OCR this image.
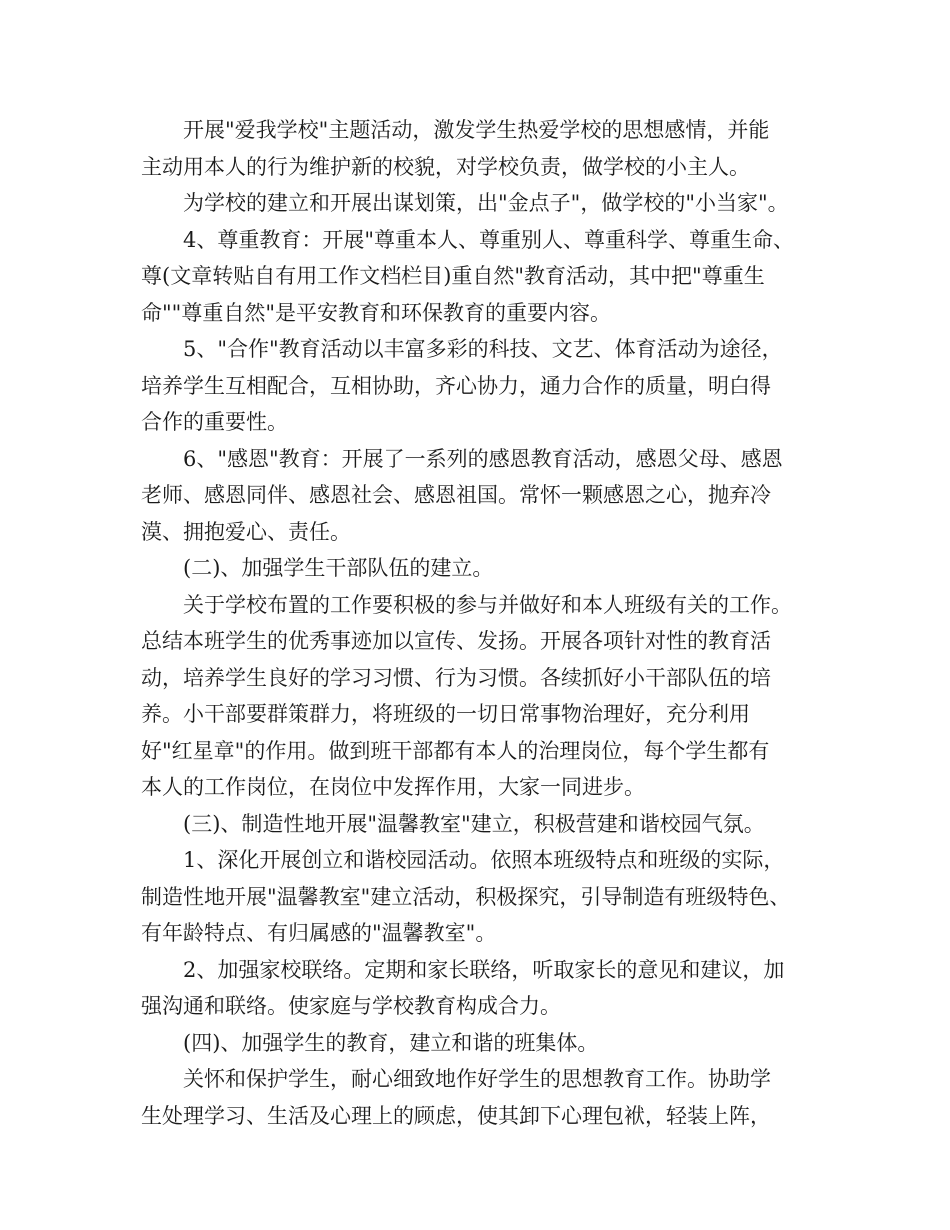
开展"爱我学校"主题活动，激发学生热爱学校的思想感情，并能
主动用本人的行为维护新的校貌，对学校负责，做学校的小主人。

为学校的建立和开展出谋划策，出"金点子"，做学校的"小当家"。

4、尊重教育：开展"尊重本人、尊重别人、尊重科学、尊重生命、
尊(文章转贴自有用工作文档栏目)重自然"教育活动，其中把"尊重生
命""尊重自然"是平安教育和环保教育的重要内容。

5、"合作"教育活动以丰富多彩的科技、文艺、体育活动为途径，
培养学生互相配合，互相协助，齐心协力，通力合作的质量，明白得
合作的重要性。

6、"感恩"教育：开展了一系列的感恩教育活动，感恩父母、感恩
老师、感恩同伴、感恩社会、感恩祖国。常怀一颗感恩之心，抛弃冷
漠、拥抱爱心、责任。

(二)、加强学生干部队伍的建立。

关于学校布置的工作要积极的参与并做好和本人班级有关的工作。
总结本班学生的优秀事迹加以宣传、发扬。开展各项针对性的教育活
动，培养学生良好的学习习惯、行为习惯。各续抓好小干部队伍的培
养。小干部要群策群力，将班级的一切日常事物治理好，充分利用
好"红星章"的作用。做到班干部都有本人的治理岗位，每个学生都有
本人的工作岗位，在岗位中发挥作用，大家一同进步。

(三)、制造性地开展"温馨教室"建立，积极营建和谐校园气氛。

1、深化开展创立和谐校园活动。依照本班级特点和班级的实际，
制造性地开展"温馨教室"建立活动，积极探究，引导制造有班级特色、
有年龄特点、有归属感的"温馨教室"。

2、加强家校联络。定期和家长联络，听取家长的意见和建议，加
强沟通和联络。使家庭与学校教育构成合力。

(四)、加强学生的教育，建立和谐的班集体。

关怀和保护学生，耐心细致地作好学生的思想教育工作。协助学
生处理学习、生活及心理上的顾虑，使其卸下心理包袱，轻装上阵，
